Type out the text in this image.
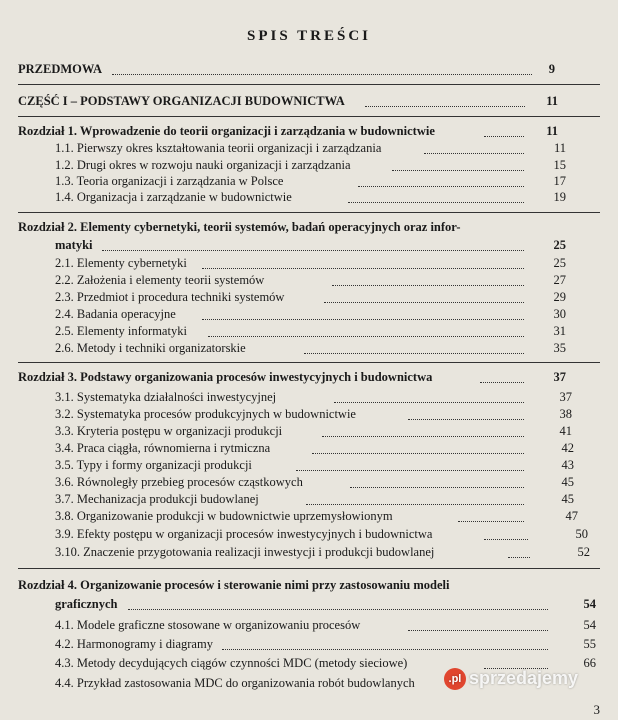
SPIS TREŚCI
PRZEDMOWA	9
CZĘŚĆ I – PODSTAWY ORGANIZACJI BUDOWNICTWA	11
Rozdział 1. Wprowadzenie do teorii organizacji i zarządzania w budownictwie	11
1.1. Pierwszy okres kształtowania teorii organizacji i zarządzania	11
1.2. Drugi okres w rozwoju nauki organizacji i zarządzania	15
1.3. Teoria organizacji i zarządzania w Polsce	17
1.4. Organizacja i zarządzanie w budownictwie	19
Rozdział 2. Elementy cybernetyki, teorii systemów, badań operacyjnych oraz infor-
matyki	25
2.1. Elementy cybernetyki	25
2.2. Założenia i elementy teorii systemów	27
2.3. Przedmiot i procedura techniki systemów	29
2.4. Badania operacyjne	30
2.5. Elementy informatyki	31
2.6. Metody i techniki organizatorskie	35
Rozdział 3. Podstawy organizowania procesów inwestycyjnych i budownictwa	37
3.1. Systematyka działalności inwestycyjnej	37
3.2. Systematyka procesów produkcyjnych w budownictwie	38
3.3. Kryteria postępu w organizacji produkcji	41
3.4. Praca ciągła, równomierna i rytmiczna	42
3.5. Typy i formy organizacji produkcji	43
3.6. Równoległy przebieg procesów cząstkowych	45
3.7. Mechanizacja produkcji budowlanej	45
3.8. Organizowanie produkcji w budownictwie uprzemysłowionym	47
3.9. Efekty postępu w organizacji procesów inwestycyjnych i budownictwa	50
3.10. Znaczenie przygotowania realizacji inwestycji i produkcji budowlanej	52
Rozdział 4. Organizowanie procesów i sterowanie nimi przy zastosowaniu modeli
graficznych	54
4.1. Modele graficzne stosowane w organizowaniu procesów	54
4.2. Harmonogramy i diagramy	55
4.3. Metody decydujących ciągów czynności MDC (metody sieciowe)	66
4.4. Przykład zastosowania MDC do organizowania robót budowlanych	.pl sprzedajemy
3
